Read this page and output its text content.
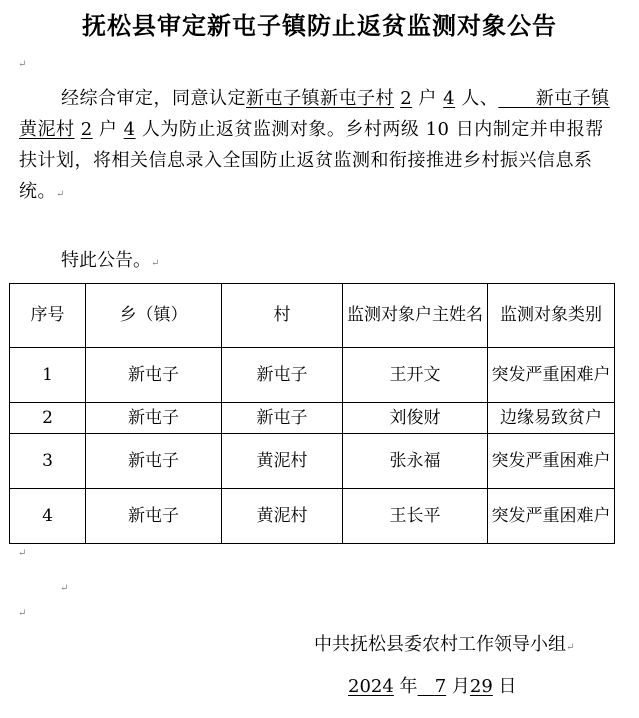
抚松县审定新屯子镇防止返贫监测对象公告
↵
经综合审定，同意认定新屯子镇新屯子村 2 户 4 人、 新屯子镇黄泥村 2 户 4 人为防止返贫监测对象。乡村两级 10 日内制定并申报帮扶计划，将相关信息录入全国防止返贫监测和衔接推进乡村振兴信息系统。↵
特此公告。↵
序号	乡（镇）	村	监测对象户主姓名	监测对象类别
1	新屯子	新屯子	王开文	突发严重困难户
2	新屯子	新屯子	刘俊财	边缘易致贫户
3	新屯子	黄泥村	张永福	突发严重困难户
4	新屯子	黄泥村	王长平	突发严重困难户
↵
↵
↵
中共抚松县委农村工作领导小组↵
2024 年 7 月29 日
